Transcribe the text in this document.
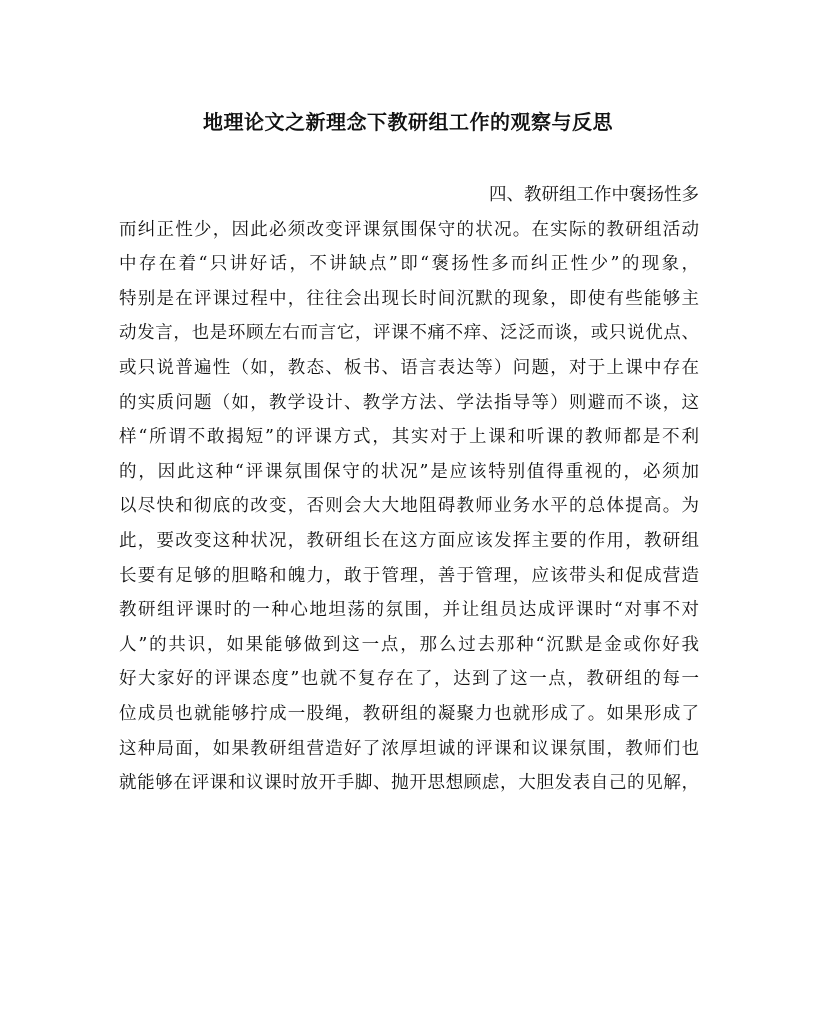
地理论文之新理念下教研组工作的观察与反思
四、教研组工作中褒扬性多
而纠正性少，因此必须改变评课氛围保守的状况。在实际的教研组活动
中存在着“只讲好话，不讲缺点”即“褒扬性多而纠正性少”的现象，
特别是在评课过程中，往往会出现长时间沉默的现象，即使有些能够主
动发言，也是环顾左右而言它，评课不痛不痒、泛泛而谈，或只说优点、
或只说普遍性（如，教态、板书、语言表达等）问题，对于上课中存在
的实质问题（如，教学设计、教学方法、学法指导等）则避而不谈，这
样“所谓不敢揭短”的评课方式，其实对于上课和听课的教师都是不利
的，因此这种“评课氛围保守的状况”是应该特别值得重视的，必须加
以尽快和彻底的改变，否则会大大地阻碍教师业务水平的总体提高。为
此，要改变这种状况，教研组长在这方面应该发挥主要的作用，教研组
长要有足够的胆略和魄力，敢于管理，善于管理，应该带头和促成营造
教研组评课时的一种心地坦荡的氛围，并让组员达成评课时“对事不对
人”的共识，如果能够做到这一点，那么过去那种“沉默是金或你好我
好大家好的评课态度”也就不复存在了，达到了这一点，教研组的每一
位成员也就能够拧成一股绳，教研组的凝聚力也就形成了。如果形成了
这种局面，如果教研组营造好了浓厚坦诚的评课和议课氛围，教师们也
就能够在评课和议课时放开手脚、抛开思想顾虑，大胆发表自己的见解，
